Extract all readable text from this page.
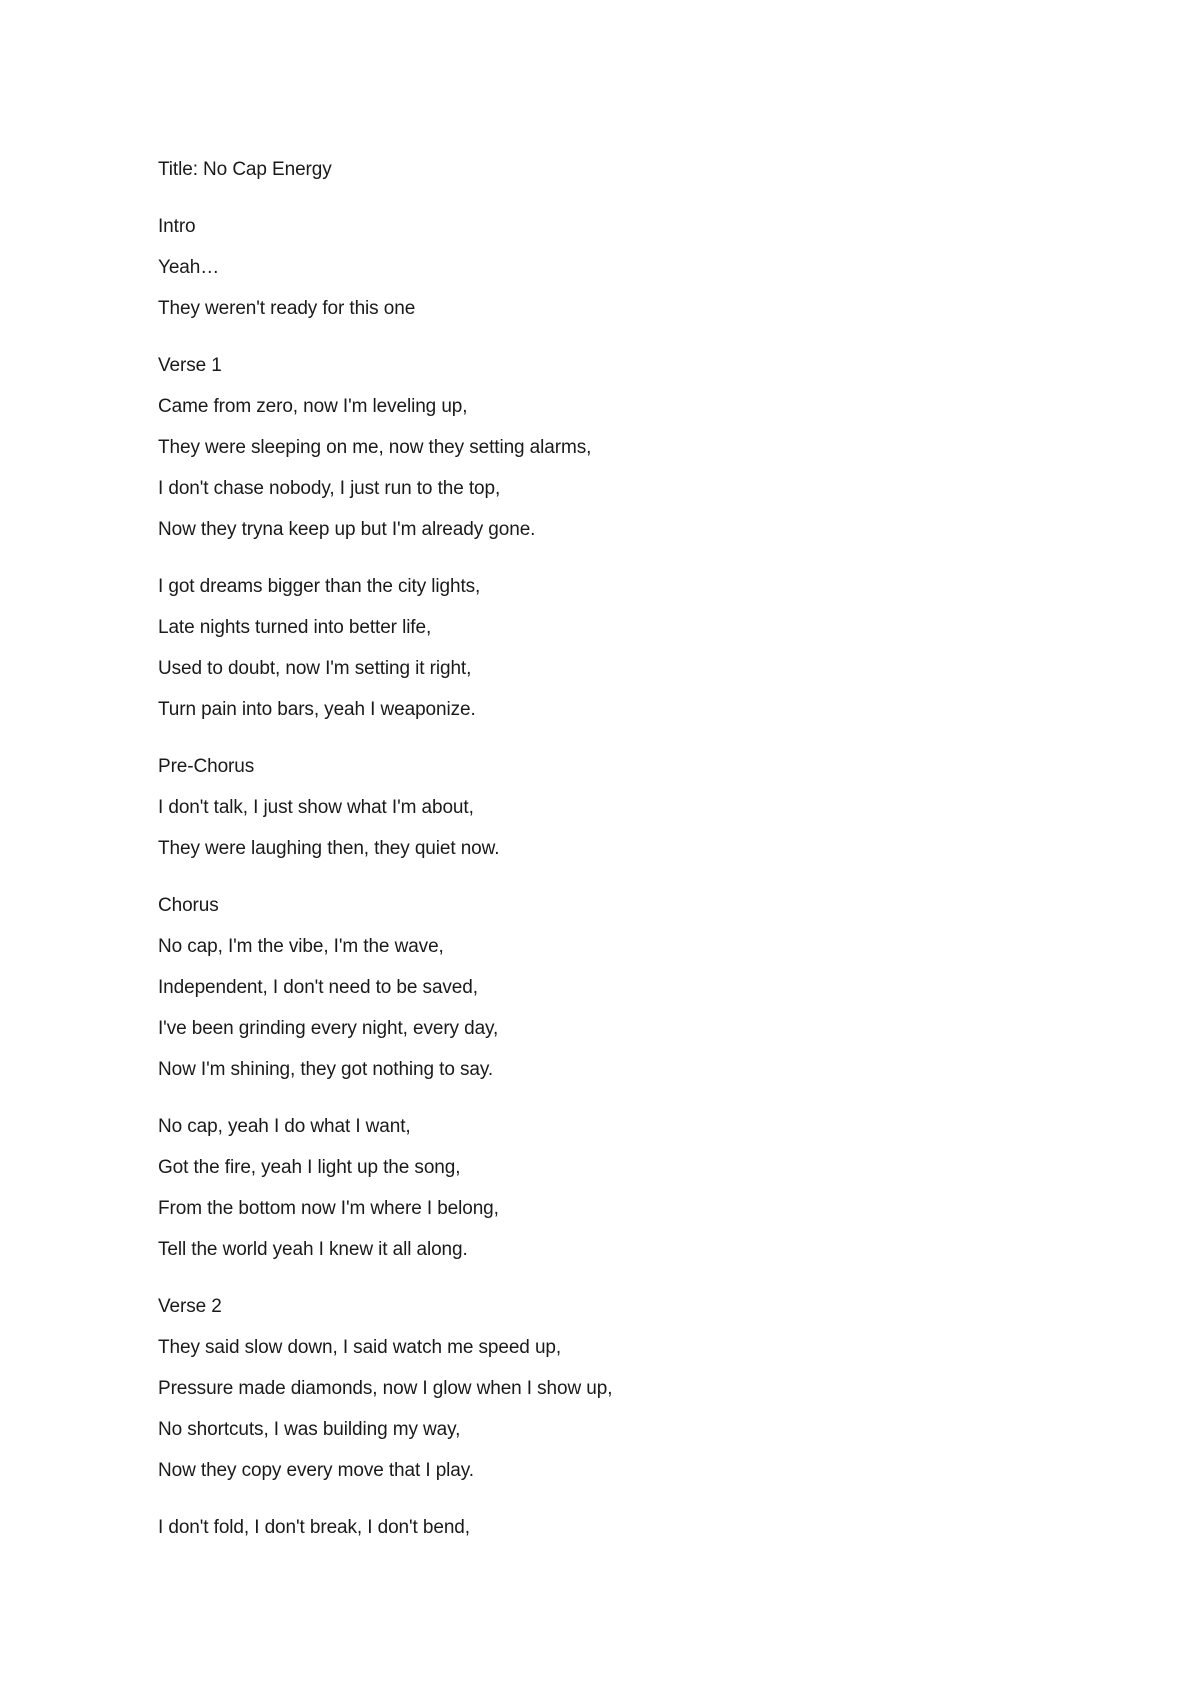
Title: No Cap Energy
Intro
Yeah…
They weren't ready for this one
Verse 1
Came from zero, now I'm leveling up,
They were sleeping on me, now they setting alarms,
I don't chase nobody, I just run to the top,
Now they tryna keep up but I'm already gone.
I got dreams bigger than the city lights,
Late nights turned into better life,
Used to doubt, now I'm setting it right,
Turn pain into bars, yeah I weaponize.
Pre-Chorus
I don't talk, I just show what I'm about,
They were laughing then, they quiet now.
Chorus
No cap, I'm the vibe, I'm the wave,
Independent, I don't need to be saved,
I've been grinding every night, every day,
Now I'm shining, they got nothing to say.
No cap, yeah I do what I want,
Got the fire, yeah I light up the song,
From the bottom now I'm where I belong,
Tell the world yeah I knew it all along.
Verse 2
They said slow down, I said watch me speed up,
Pressure made diamonds, now I glow when I show up,
No shortcuts, I was building my way,
Now they copy every move that I play.
I don't fold, I don't break, I don't bend,
